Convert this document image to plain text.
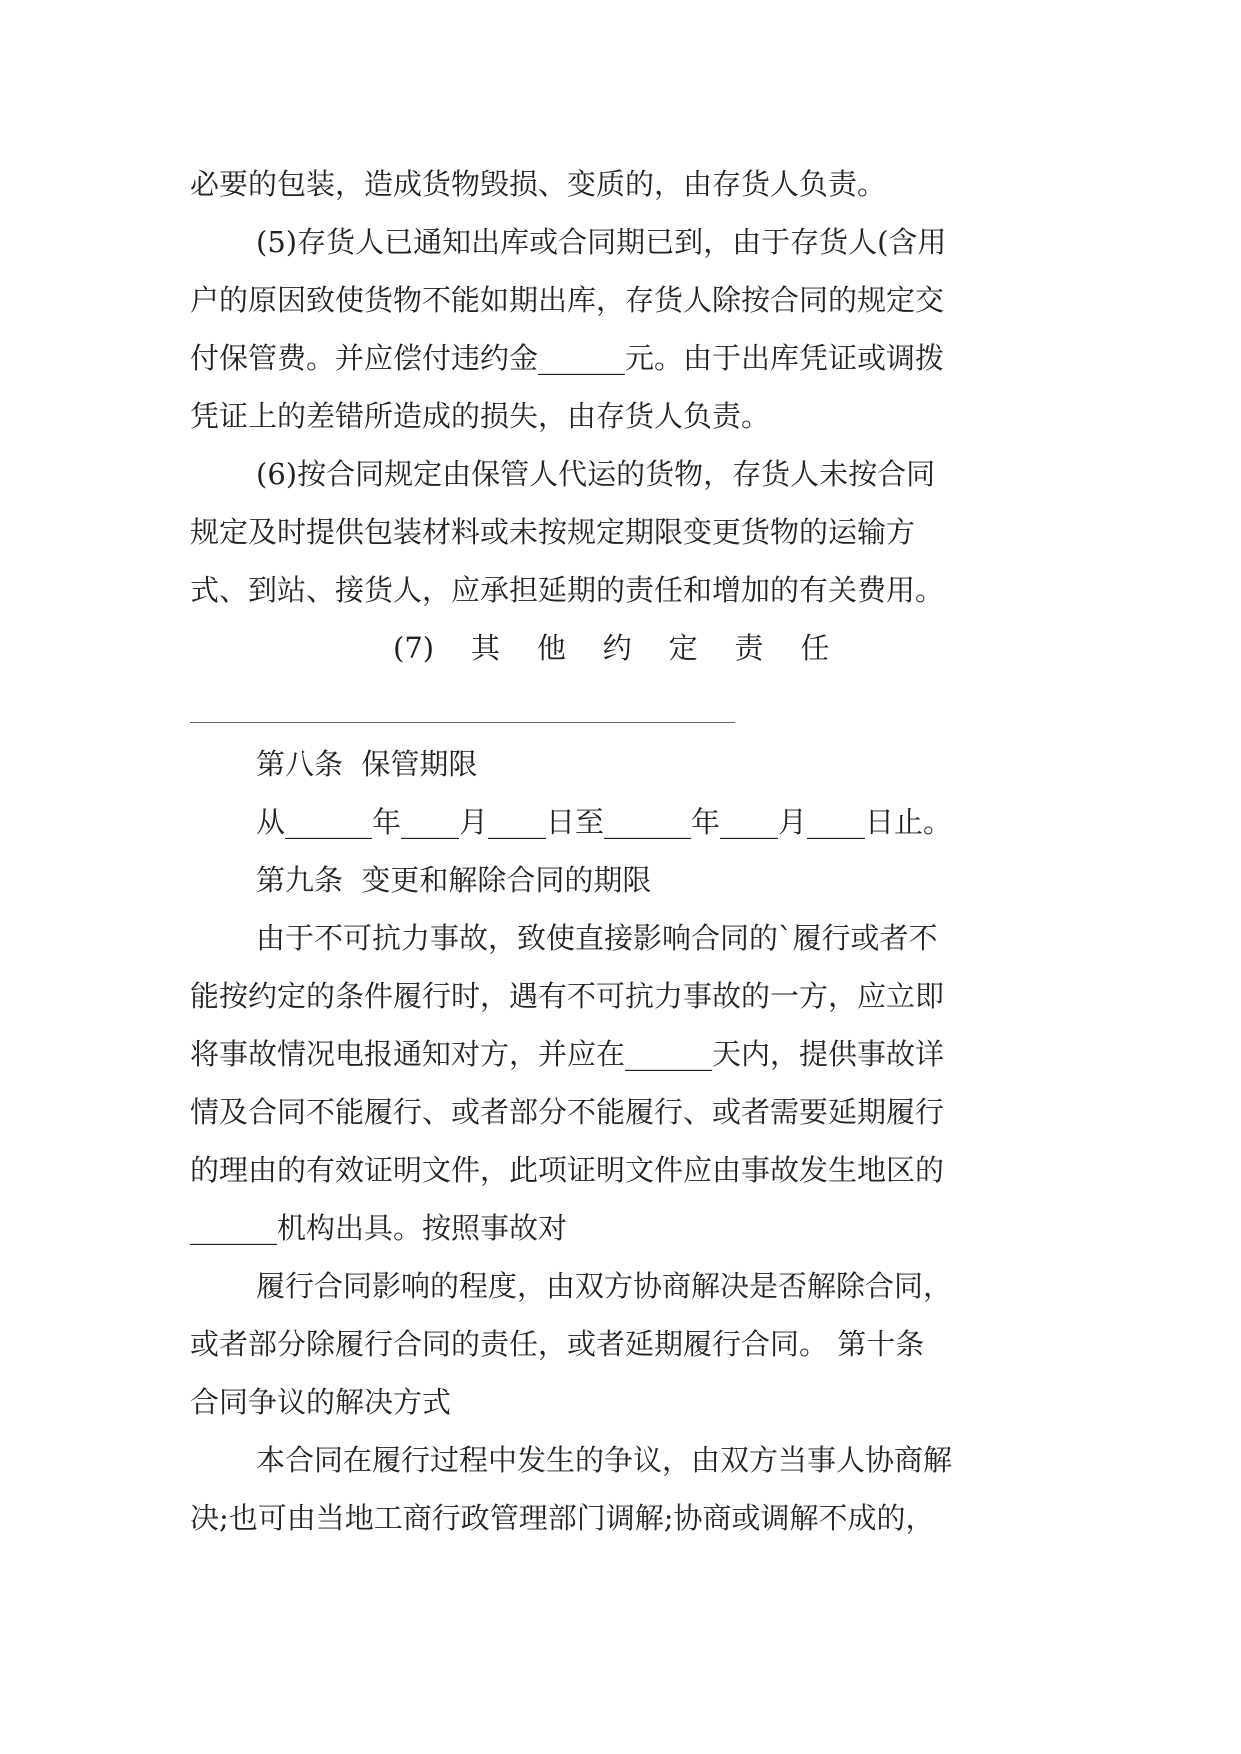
必要的包装，造成货物毁损、变质的，由存货人负责。
(5)存货人已通知出库或合同期已到，由于存货人(含用
户的原因致使货物不能如期出库，存货人除按合同的规定交
付保管费。并应偿付违约金______元。由于出库凭证或调拨
凭证上的差错所造成的损失，由存货人负责。
(6)按合同规定由保管人代运的货物，存货人未按合同
规定及时提供包装材料或未按规定期限变更货物的运输方
式、到站、接货人，应承担延期的责任和增加的有关费用。
(7)    其    他    约    定    责    任
第八条  保管期限
从______年____月____日至______年____月____日止。
第九条  变更和解除合同的期限
由于不可抗力事故，致使直接影响合同的`履行或者不
能按约定的条件履行时，遇有不可抗力事故的一方，应立即
将事故情况电报通知对方，并应在______天内，提供事故详
情及合同不能履行、或者部分不能履行、或者需要延期履行
的理由的有效证明文件，此项证明文件应由事故发生地区的
______机构出具。按照事故对
履行合同影响的程度，由双方协商解决是否解除合同，
或者部分除履行合同的责任，或者延期履行合同。 第十条
合同争议的解决方式
本合同在履行过程中发生的争议，由双方当事人协商解
决;也可由当地工商行政管理部门调解;协商或调解不成的，
